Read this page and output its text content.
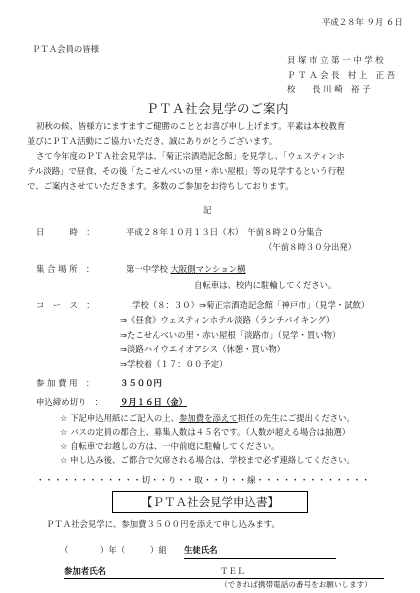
平成２８年 ９月 ６日
ＰＴＡ会員の皆様
貝 塚 市 立 第 一 中 学 校
Ｐ Ｔ Ａ 会 長　村 上　正 吾
校　　長 川 崎　裕 子
ＰＴＡ社会見学のご案内
初秋の候、皆様方にますますご健勝のこととお喜び申し上げます。平素は本校教育
並びにＰＴＡ活動にご協力いただき、誠にありがとうございます。
さて今年度のＰＴＡ社会見学は、「菊正宗酒造記念館」を見学し、「ウェスティンホ
テル淡路」で昼食、その後「たこせんべいの里・赤い屋根」等の見学するという行程
で、ご案内させていただきます。多数のご参加をお待ちしております。
記
日　　　時　：	平成２８年１０月１３日（木）　午前８時２０分集合
（午前８時３０分出発）
集 合 場 所　：	第一中学校 大阪側マンション横
自転車は、校内に駐輪してください。
コ　ー　ス　：	学校（８：３０）⇒菊正宗酒造記念館「神戸市」（見学・試飲）
⇒《昼食》ウェスティンホテル淡路（ランチバイキング）
⇒たこせんべいの里・赤い屋根「淡路市」（見学・買い物）
⇒淡路ハイウエイオアシス（休憩・買い物）
⇒学校着（１７：００予定）
参 加 費 用　：	３５００円
申込締め切り　： ９月１６日（金）
☆ 下記申込用紙にご記入の上、参加費を添えて担任の先生にご提出ください。
☆ バスの定員の都合上、募集人数は４５名です。（人数が超える場合は抽選）
☆ 自転車でお越しの方は、一中前庭に駐輪してください。
☆ 申し込み後、ご都合で欠席される場合は、学校まで必ず連絡してください。
・・・・・・・・・・・・切・・り・・取・・り・・線・・・・・・・・・・・・・
【ＰＴＡ社会見学申込書】
ＰＴＡ社会見学に、参加費３５００円を添えて申し込みます。
（	）年（	）組 生徒氏名
参加者氏名	ＴＥＬ
（できれば携帯電話の番号をお願いします）
